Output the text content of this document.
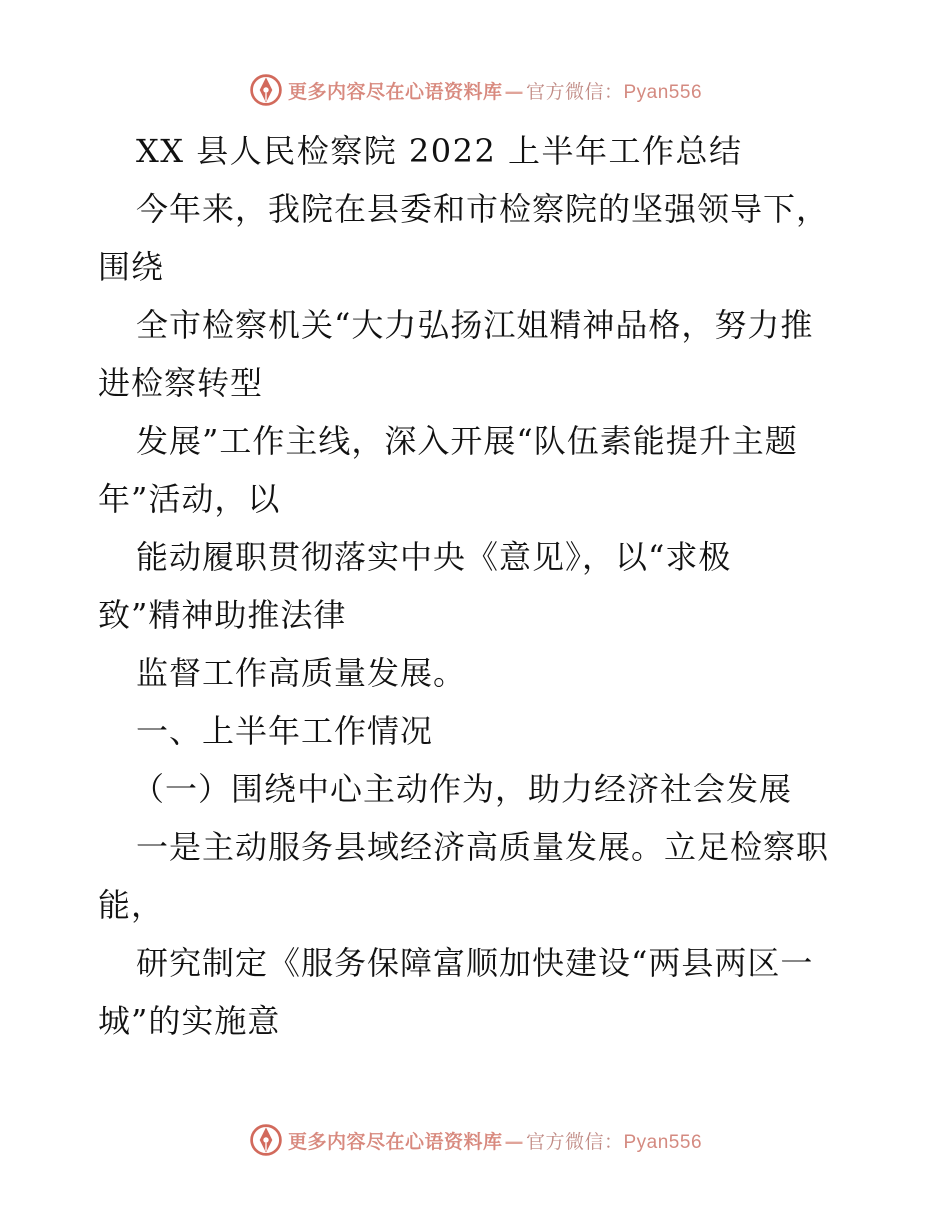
更多内容尽在心语资料库 — 官方微信：Pyan556
XX 县人民检察院 2022 上半年工作总结
今年来，我院在县委和市检察院的坚强领导下，
围绕
全市检察机关“大力弘扬江姐精神品格，努力推
进检察转型
发展”工作主线，深入开展“队伍素能提升主题
年”活动，以
能动履职贯彻落实中央《意见》，以“求极
致”精神助推法律
监督工作高质量发展。
一、上半年工作情况
（一）围绕中心主动作为，助力经济社会发展
一是主动服务县域经济高质量发展。立足检察职
能，
研究制定《服务保障富顺加快建设“两县两区一
城”的实施意
更多内容尽在心语资料库 — 官方微信：Pyan556
